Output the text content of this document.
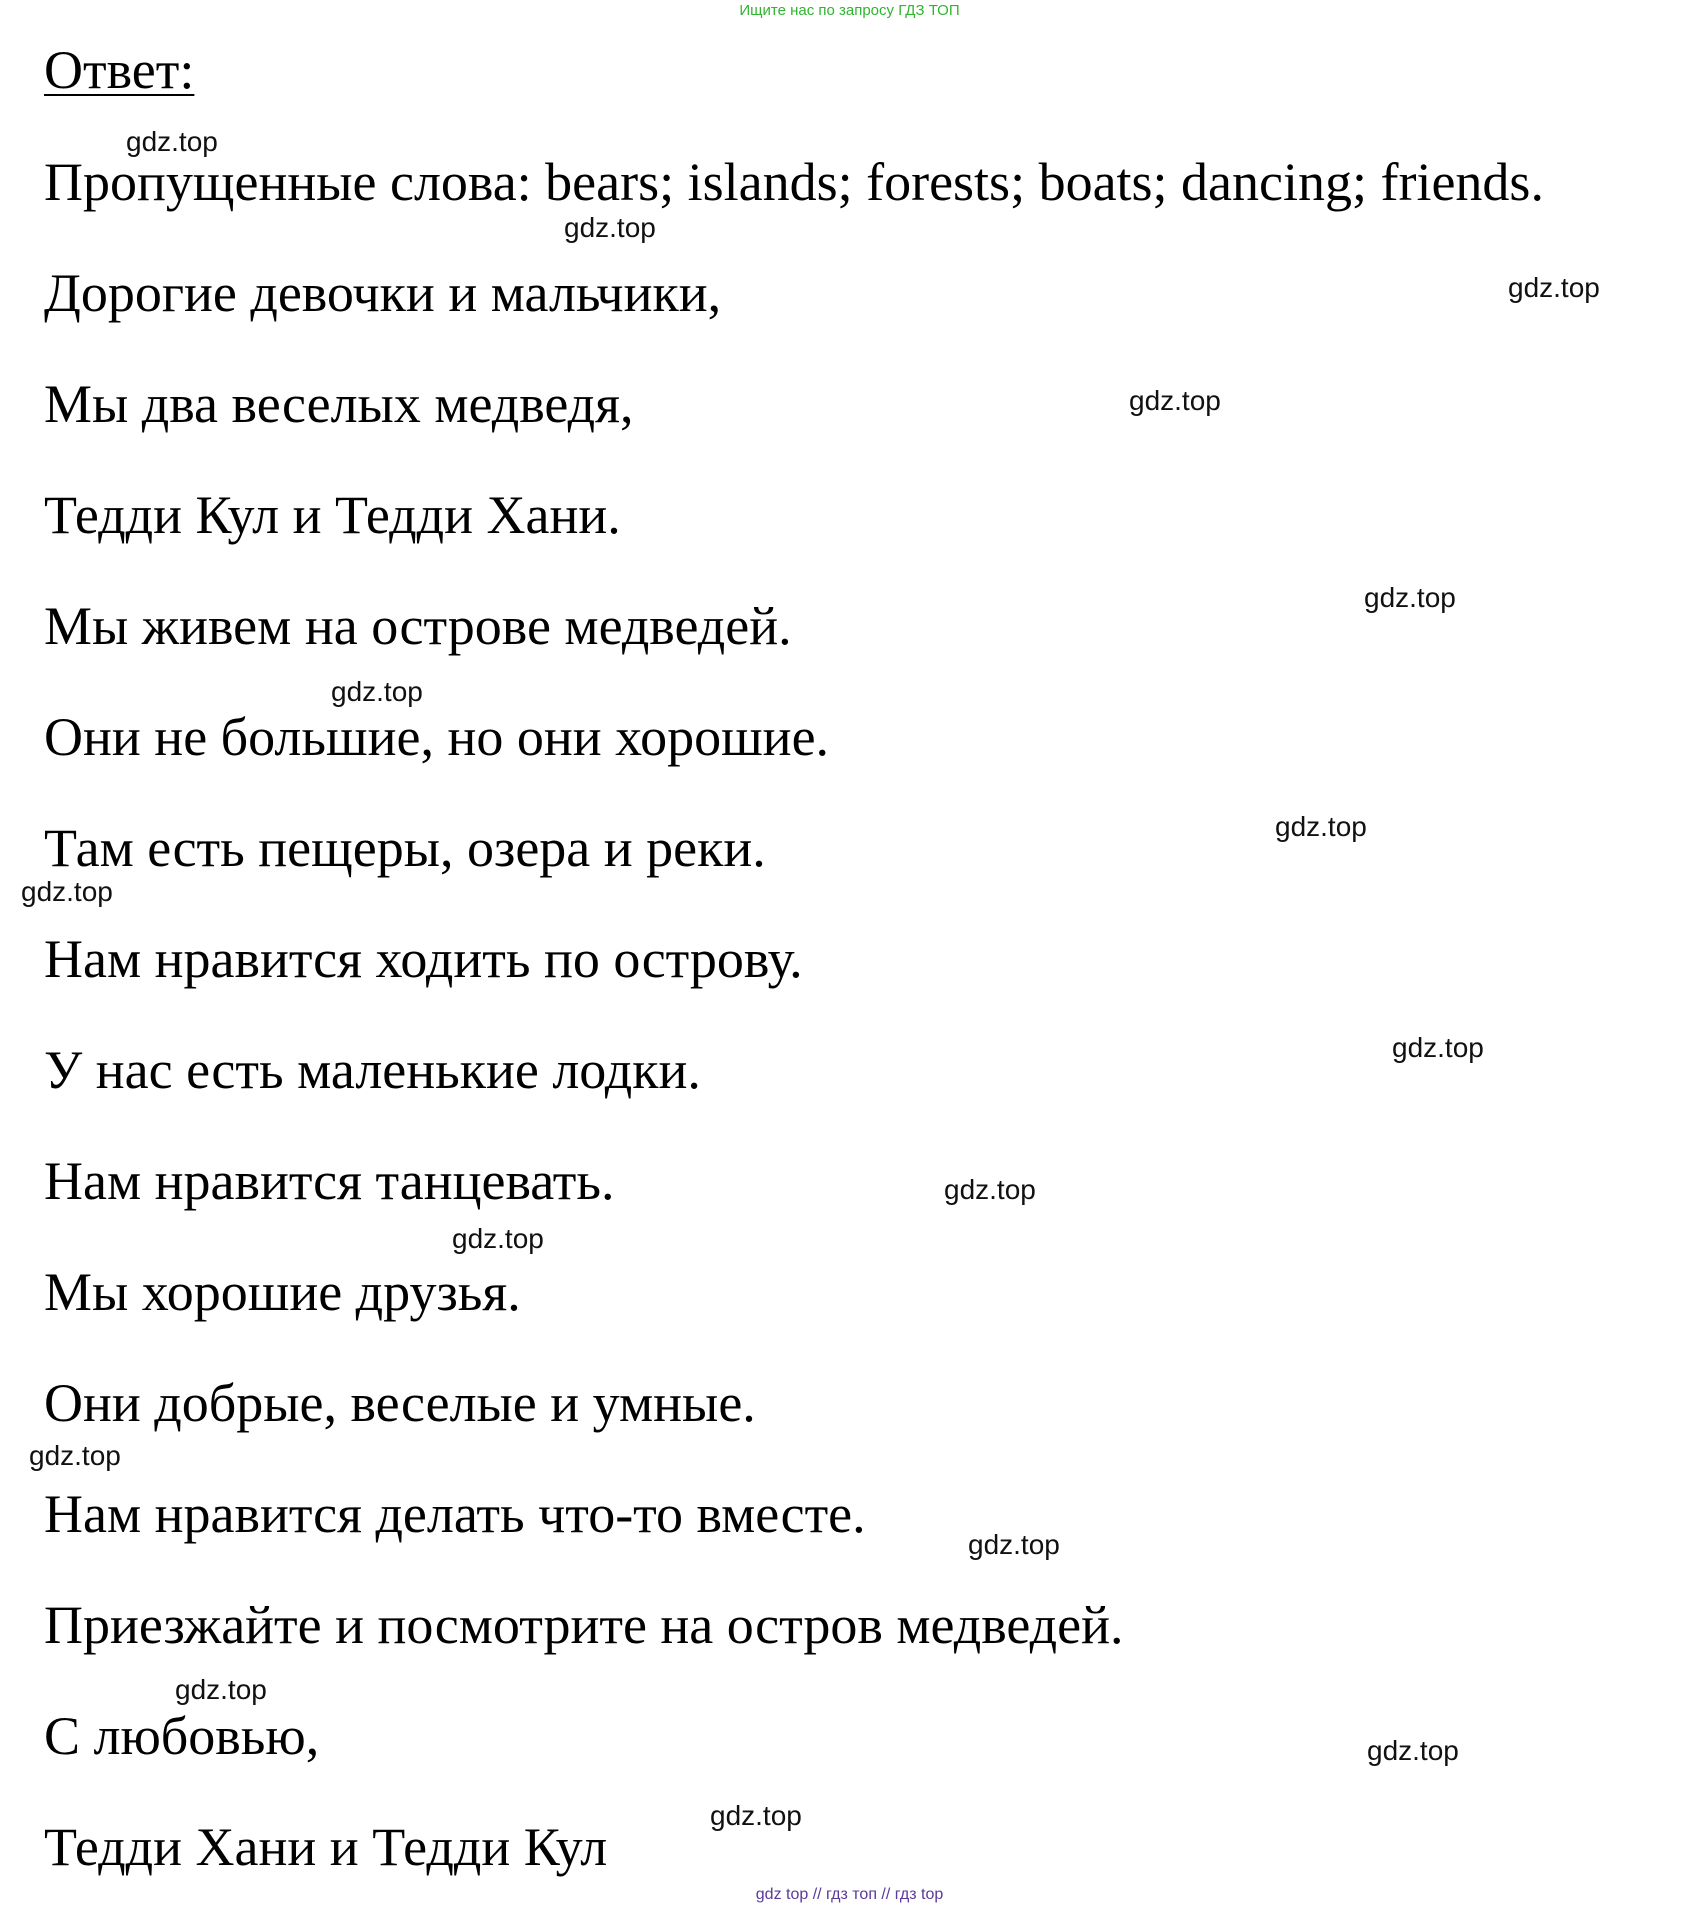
Ищите нас по запросу ГДЗ ТОП
Ответ:
Пропущенные слова: bears; islands; forests; boats; dancing; friends.
Дорогие девочки и мальчики,
Мы два веселых медведя,
Тедди Кул и Тедди Хани.
Мы живем на острове медведей.
Они не большие, но они хорошие.
Там есть пещеры, озера и реки.
Нам нравится ходить по острову.
У нас есть маленькие лодки.
Нам нравится танцевать.
Мы хорошие друзья.
Они добрые, веселые и умные.
Нам нравится делать что-то вместе.
Приезжайте и посмотрите на остров медведей.
С любовью,
Тедди Хани и Тедди Кул
gdz.top
gdz.top
gdz.top
gdz.top
gdz.top
gdz.top
gdz.top
gdz.top
gdz.top
gdz.top
gdz.top
gdz.top
gdz.top
gdz.top
gdz.top
gdz.top
gdz top // гдз топ // гдз top
